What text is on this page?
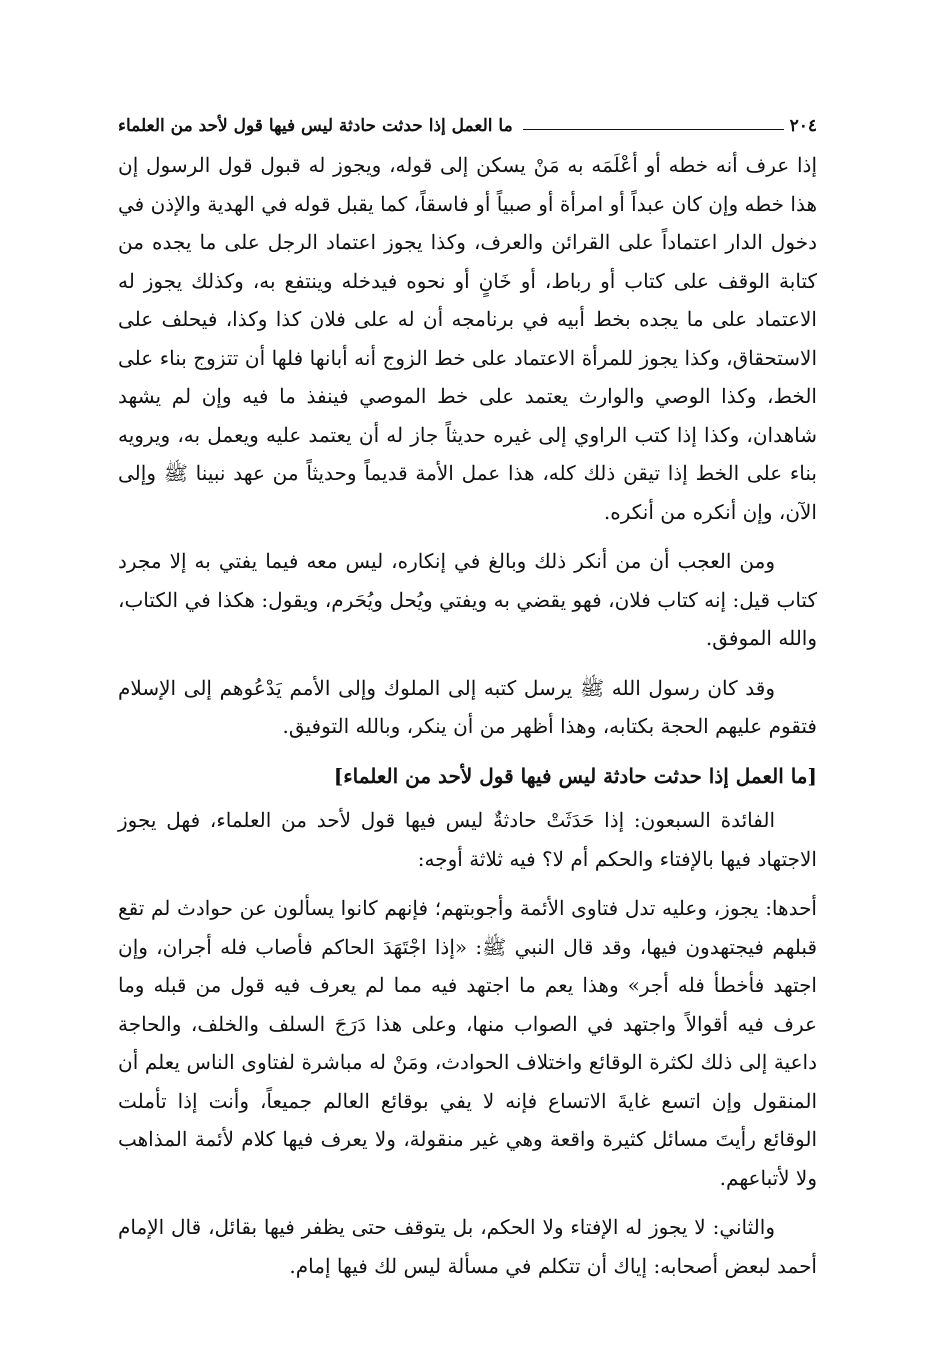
٢٠٤
ما العمل إذا حدثت حادثة ليس فيها قول لأحد من العلماء

إذا عرف أنه خطه أو أعْلَمَه به مَنْ يسكن إلى قوله، ويجوز له قبول قول الرسول إن هذا خطه وإن كان عبداً أو امرأة أو صبياً أو فاسقاً، كما يقبل قوله في الهدية والإذن في دخول الدار اعتماداً على القرائن والعرف، وكذا يجوز اعتماد الرجل على ما يجده من كتابة الوقف على كتاب أو رباط، أو خَانٍ أو نحوه فيدخله وينتفع به، وكذلك يجوز له الاعتماد على ما يجده بخط أبيه في برنامجه أن له على فلان كذا وكذا، فيحلف على الاستحقاق، وكذا يجوز للمرأة الاعتماد على خط الزوج أنه أبانها فلها أن تتزوج بناء على الخط، وكذا الوصي والوارث يعتمد على خط الموصي فينفذ ما فيه وإن لم يشهد شاهدان، وكذا إذا كتب الراوي إلى غيره حديثاً جاز له أن يعتمد عليه ويعمل به، ويرويه بناء على الخط إذا تيقن ذلك كله، هذا عمل الأمة قديماً وحديثاً من عهد نبينا ﷺ وإلى الآن، وإن أنكره من أنكره.

ومن العجب أن من أنكر ذلك وبالغ في إنكاره، ليس معه فيما يفتي به إلا مجرد كتاب قيل: إنه كتاب فلان، فهو يقضي به ويفتي ويُحل ويُحَرم، ويقول: هكذا في الكتاب، والله الموفق.

وقد كان رسول الله ﷺ يرسل كتبه إلى الملوك وإلى الأمم يَدْعُوهم إلى الإسلام فتقوم عليهم الحجة بكتابه، وهذا أظهر من أن ينكر، وبالله التوفيق.

[ما العمل إذا حدثت حادثة ليس فيها قول لأحد من العلماء]

الفائدة السبعون: إذا حَدَثَتْ حادثةٌ ليس فيها قول لأحد من العلماء، فهل يجوز الاجتهاد فيها بالإفتاء والحكم أم لا؟ فيه ثلاثة أوجه:

أحدها: يجوز، وعليه تدل فتاوى الأئمة وأجوبتهم؛ فإنهم كانوا يسألون عن حوادث لم تقع قبلهم فيجتهدون فيها، وقد قال النبي ﷺ: «إذا اجْتَهَدَ الحاكم فأصاب فله أجران، وإن اجتهد فأخطأ فله أجر» وهذا يعم ما اجتهد فيه مما لم يعرف فيه قول من قبله وما عرف فيه أقوالاً واجتهد في الصواب منها، وعلى هذا دَرَجَ السلف والخلف، والحاجة داعية إلى ذلك لكثرة الوقائع واختلاف الحوادث، ومَنْ له مباشرة لفتاوى الناس يعلم أن المنقول وإن اتسع غايةَ الاتساع فإنه لا يفي بوقائع العالم جميعاً، وأنت إذا تأملت الوقائع رأيتَ مسائل كثيرة واقعة وهي غير منقولة، ولا يعرف فيها كلام لأئمة المذاهب ولا لأتباعهم.

والثاني: لا يجوز له الإفتاء ولا الحكم، بل يتوقف حتى يظفر فيها بقائل، قال الإمام أحمد لبعض أصحابه: إياك أن تتكلم في مسألة ليس لك فيها إمام.
